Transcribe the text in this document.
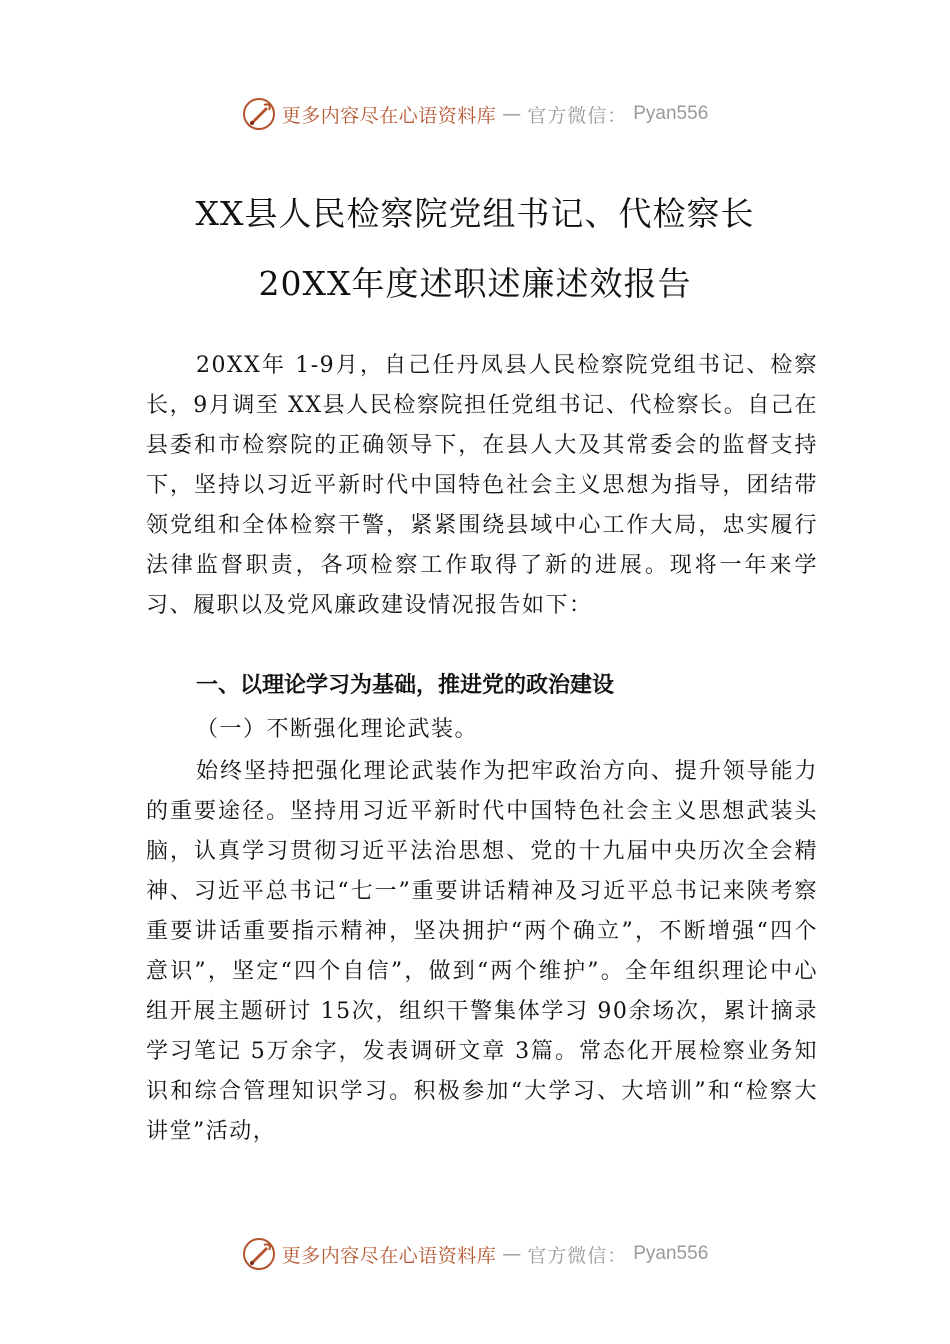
更多内容尽在心语资料库 — 官方微信： Pyan556
XX县人民检察院党组书记、代检察长
20XX年度述职述廉述效报告

20XX年 1-9月，自己任丹凤县人民检察院党组书记、检察长，9月调至 XX县人民检察院担任党组书记、代检察长。自己在县委和市检察院的正确领导下，在县人大及其常委会的监督支持下，坚持以习近平新时代中国特色社会主义思想为指导，团结带领党组和全体检察干警，紧紧围绕县域中心工作大局，忠实履行法律监督职责，各项检察工作取得了新的进展。现将一年来学习、履职以及党风廉政建设情况报告如下：

一、以理论学习为基础，推进党的政治建设

（一）不断强化理论武装。

始终坚持把强化理论武装作为把牢政治方向、提升领导能力的重要途径。坚持用习近平新时代中国特色社会主义思想武装头脑，认真学习贯彻习近平法治思想、党的十九届中央历次全会精神、习近平总书记“七一”重要讲话精神及习近平总书记来陕考察重要讲话重要指示精神，坚决拥护“两个确立”，不断增强“四个意识”，坚定“四个自信”，做到“两个维护”。全年组织理论中心组开展主题研讨 15次，组织干警集体学习 90余场次，累计摘录学习笔记 5万余字，发表调研文章 3篇。常态化开展检察业务知识和综合管理知识学习。积极参加“大学习、大培训”和“检察大讲堂”活动，

更多内容尽在心语资料库 — 官方微信： Pyan556
